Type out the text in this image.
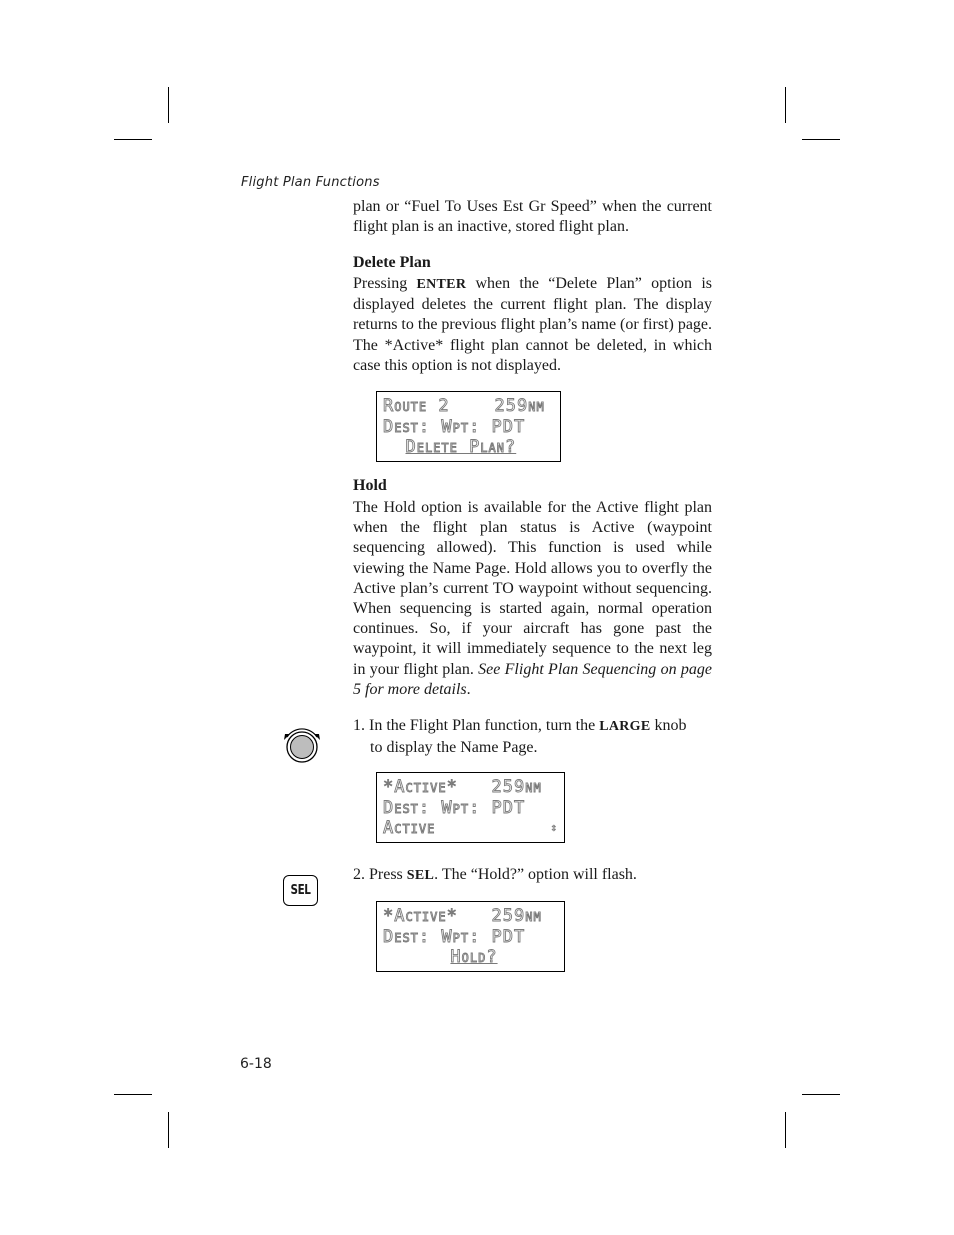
Flight Plan Functions
plan or “Fuel To Uses Est Gr Speed” when the current flight plan is an inactive, stored flight plan.
Delete Plan
Pressing ENTER when the “Delete Plan” option is displayed deletes the current flight plan. The display returns to the previous flight plan’s name (or first) page. The *Active* flight plan cannot be deleted, in which case this option is not displayed.
Route 2    259nm
Dest: Wpt: PDT
Delete Plan?
Hold
The Hold option is available for the Active flight plan when the flight plan status is Active (waypoint sequencing allowed). This function is used while viewing the Name Page. Hold allows you to overfly the Active plan’s current TO waypoint without sequencing. When sequencing is started again, normal operation continues. So, if your aircraft has gone past the waypoint, it will immediately sequence to the next leg in your flight plan. See Flight Plan Sequencing on page 5 for more details.
1. In the Flight Plan function, turn the LARGE knob
to display the Name Page.
*Active*   259nm
Dest: Wpt: PDT
Active	↕
SEL
2. Press SEL. The “Hold?” option will flash.
*Active*   259nm
Dest: Wpt: PDT
Hold?
6-18
